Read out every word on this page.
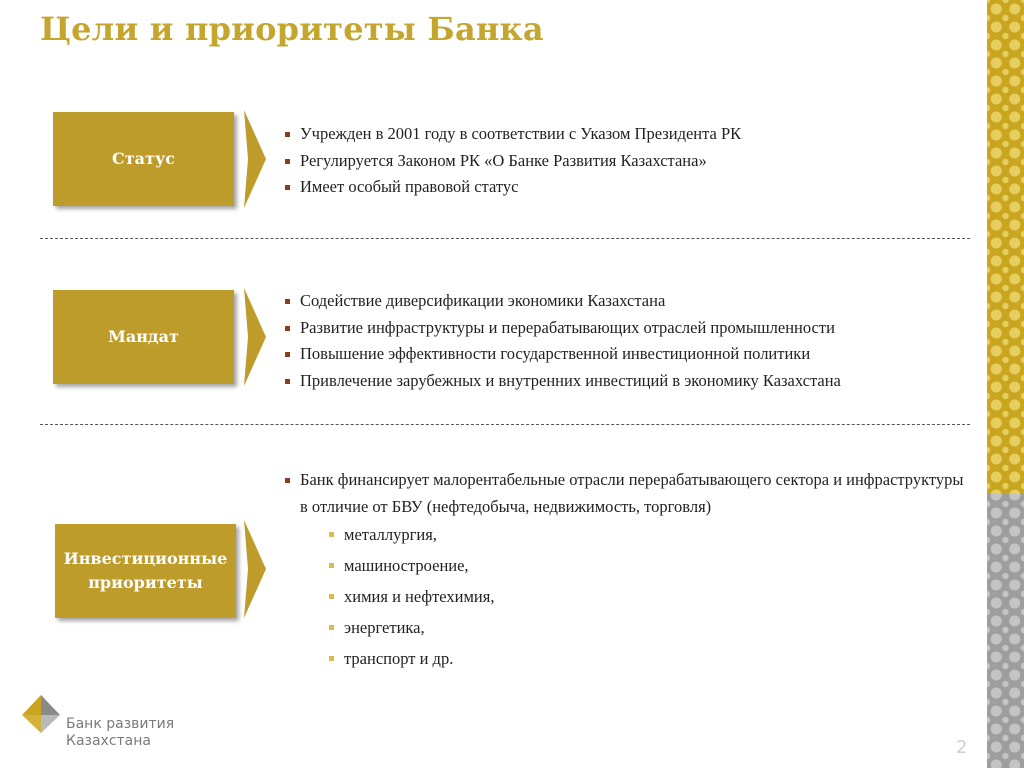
Цели и приоритеты Банка
Статус
Учрежден в 2001 году в соответствии с Указом Президента РК
Регулируется Законом РК «О Банке Развития Казахстана»
Имеет особый правовой статус
Мандат
Содействие диверсификации экономики Казахстана
Развитие инфраструктуры и перерабатывающих отраслей промышленности
Повышение эффективности государственной инвестиционной политики
Привлечение зарубежных и внутренних инвестиций в экономику Казахстана
Инвестиционные
приоритеты
Банк финансирует малорентабельные отрасли перерабатывающего сектора и инфраструктуры в отличие от БВУ (нефтедобыча, недвижимость, торговля)
металлургия,
машиностроение,
химия и нефтехимия,
энергетика,
транспорт и др.
Банк развития
Казахстана	2
